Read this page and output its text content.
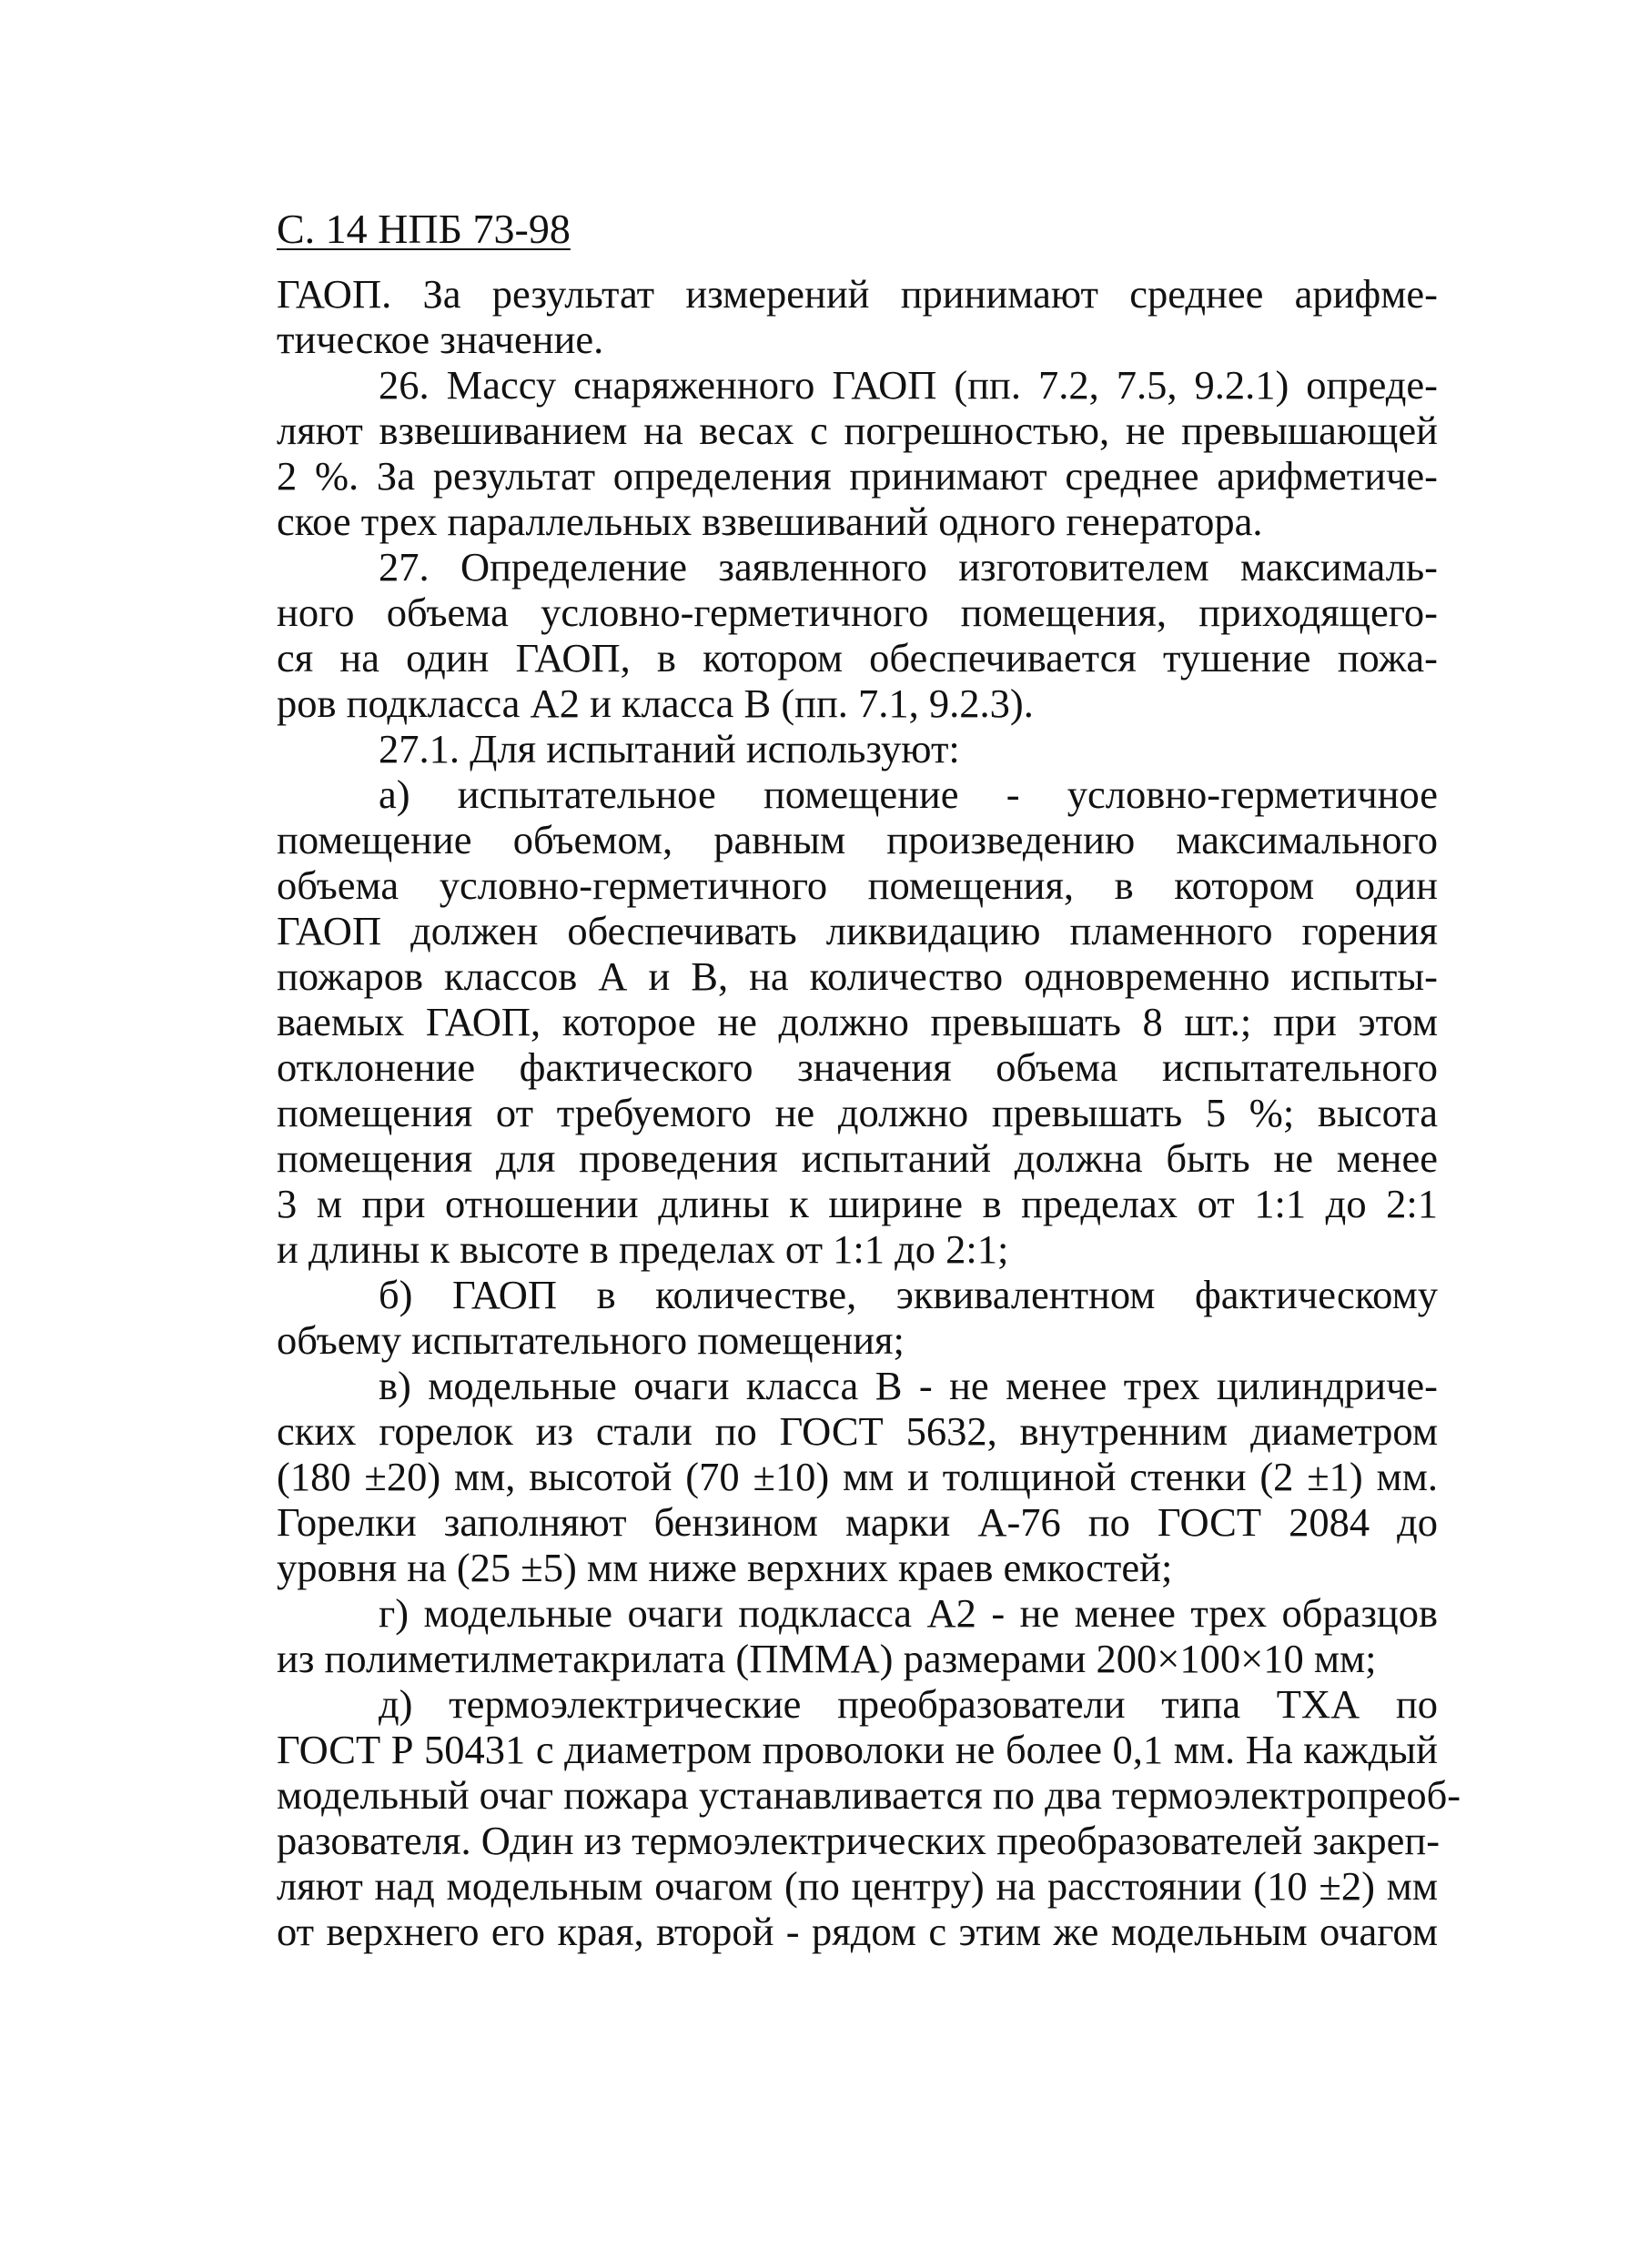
С. 14 НПБ 73-98
ГАОП. За результат измерений принимают среднее арифме-
тическое значение.
26. Массу снаряженного ГАОП (пп. 7.2, 7.5, 9.2.1) опреде-
ляют взвешиванием на весах с погрешностью, не превышающей
2 %. За результат определения принимают среднее арифметиче-
ское трех параллельных взвешиваний одного генератора.
27. Определение заявленного изготовителем максималь-
ного объема условно-герметичного помещения, приходящего-
ся на один ГАОП, в котором обеспечивается тушение пожа-
ров подкласса А2 и класса В (пп. 7.1, 9.2.3).
27.1. Для испытаний используют:
а) испытательное помещение - условно-герметичное
помещение объемом, равным произведению максимального
объема условно-герметичного помещения, в котором один
ГАОП должен обеспечивать ликвидацию пламенного горения
пожаров классов А и В, на количество одновременно испыты-
ваемых ГАОП, которое не должно превышать 8 шт.; при этом
отклонение фактического значения объема испытательного
помещения от требуемого не должно превышать 5 %; высота
помещения для проведения испытаний должна быть не менее
3 м при отношении длины к ширине в пределах от 1:1 до 2:1
и длины к высоте в пределах от 1:1 до 2:1;
б) ГАОП в количестве, эквивалентном фактическому
объему испытательного помещения;
в) модельные очаги класса В - не менее трех цилиндриче-
ских горелок из стали по ГОСТ 5632, внутренним диаметром
(180 ±20) мм, высотой (70 ±10) мм и толщиной стенки (2 ±1) мм.
Горелки заполняют бензином марки А-76 по ГОСТ 2084 до
уровня на (25 ±5) мм ниже верхних краев емкостей;
г) модельные очаги подкласса А2 - не менее трех образцов
из полиметилметакрилата (ПММА) размерами 200×100×10 мм;
д) термоэлектрические преобразователи типа ТХА по
ГОСТ Р 50431 с диаметром проволоки не более 0,1 мм. На каждый
модельный очаг пожара устанавливается по два термоэлектропреоб-
разователя. Один из термоэлектрических преобразователей закреп-
ляют над модельным очагом (по центру) на расстоянии (10 ±2) мм
от верхнего его края, второй - рядом с этим же модельным очагом
